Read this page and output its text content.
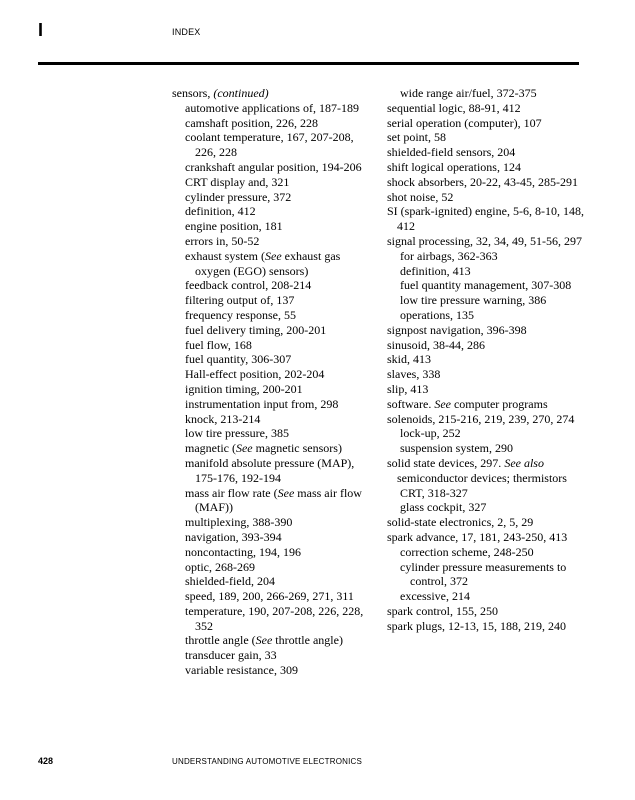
I	INDEX
sensors, (continued)
automotive applications of, 187-189
camshaft position, 226, 228
coolant temperature, 167, 207-208, 226, 228
crankshaft angular position, 194-206
CRT display and, 321
cylinder pressure, 372
definition, 412
engine position, 181
errors in, 50-52
exhaust system (See exhaust gas oxygen (EGO) sensors)
feedback control, 208-214
filtering output of, 137
frequency response, 55
fuel delivery timing, 200-201
fuel flow, 168
fuel quantity, 306-307
Hall-effect position, 202-204
ignition timing, 200-201
instrumentation input from, 298
knock, 213-214
low tire pressure, 385
magnetic (See magnetic sensors)
manifold absolute pressure (MAP), 175-176, 192-194
mass air flow rate (See mass air flow (MAF))
multiplexing, 388-390
navigation, 393-394
noncontacting, 194, 196
optic, 268-269
shielded-field, 204
speed, 189, 200, 266-269, 271, 311
temperature, 190, 207-208, 226, 228, 352
throttle angle (See throttle angle)
transducer gain, 33
variable resistance, 309
wide range air/fuel, 372-375
sequential logic, 88-91, 412
serial operation (computer), 107
set point, 58
shielded-field sensors, 204
shift logical operations, 124
shock absorbers, 20-22, 43-45, 285-291
shot noise, 52
SI (spark-ignited) engine, 5-6, 8-10, 148, 412
signal processing, 32, 34, 49, 51-56, 297
for airbags, 362-363
definition, 413
fuel quantity management, 307-308
low tire pressure warning, 386
operations, 135
signpost navigation, 396-398
sinusoid, 38-44, 286
skid, 413
slaves, 338
slip, 413
software. See computer programs
solenoids, 215-216, 219, 239, 270, 274
lock-up, 252
suspension system, 290
solid state devices, 297. See also semiconductor devices; thermistors
CRT, 318-327
glass cockpit, 327
solid-state electronics, 2, 5, 29
spark advance, 17, 181, 243-250, 413
correction scheme, 248-250
cylinder pressure measurements to control, 372
excessive, 214
spark control, 155, 250
spark plugs, 12-13, 15, 188, 219, 240
428	UNDERSTANDING AUTOMOTIVE ELECTRONICS
